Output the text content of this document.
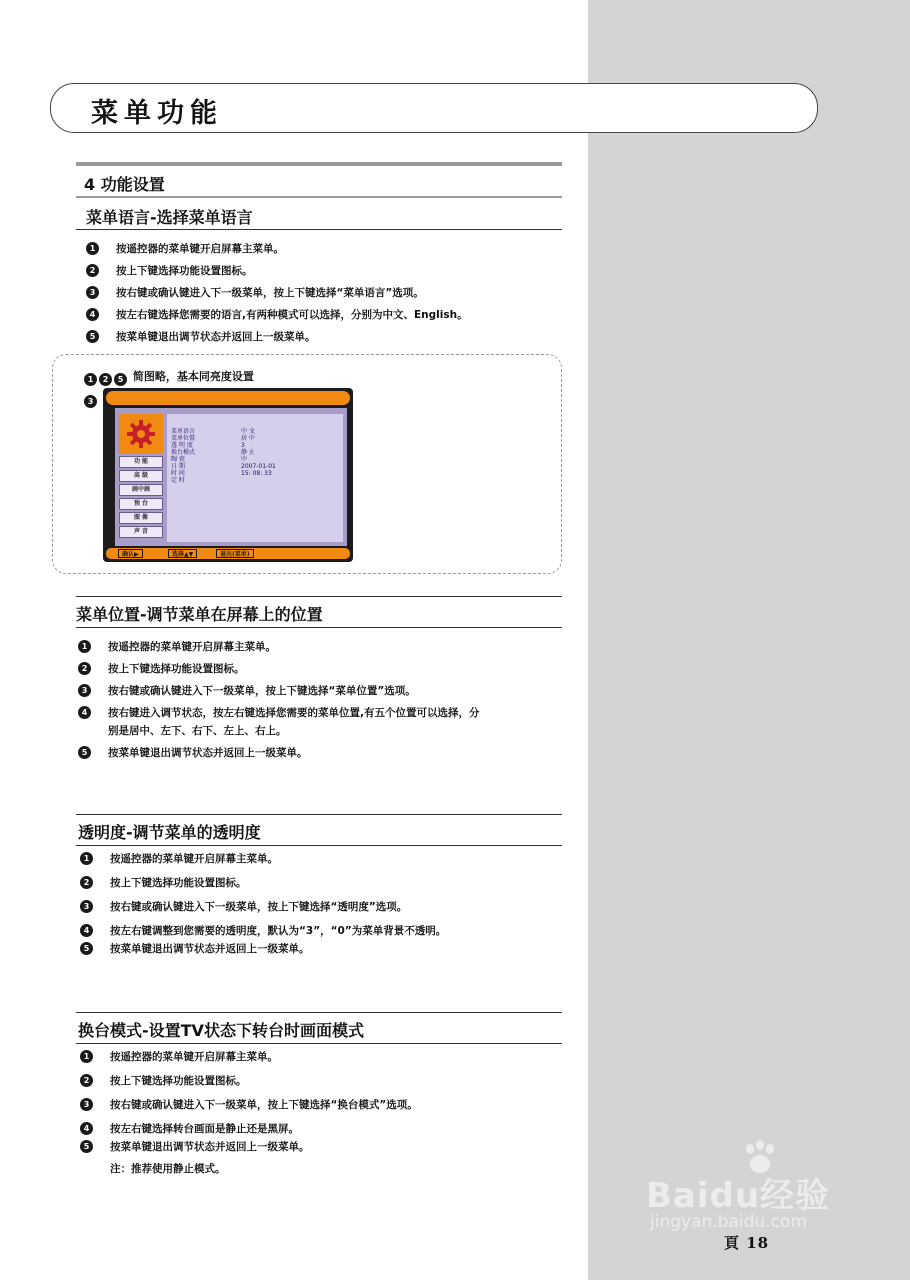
菜单功能
4 功能设置
菜单语言-选择菜单语言
1	按遥控器的菜单键开启屏幕主菜单。
2	按上下键选择功能设置图标。
3	按右键或确认键进入下一级菜单，按上下键选择“菜单语言”选项。
4	按左右键选择您需要的语言,有两种模式可以选择，分别为中文、English。
5	按菜单键退出调节状态并返回上一级菜单。
1 2 5 简图略，基本同亮度设置
3
功 能
高 级
画中画
预 台
图 像
声 音
菜单语言	中 文
菜单位置	居 中
透 明 度	3
换台模式	静 止
陶 瓷	中
日 期	2007-01-01
时 间	15: 08: 33
定 时
确认▶	选择▲▼	退出(菜单)
菜单位置-调节菜单在屏幕上的位置
1	按遥控器的菜单键开启屏幕主菜单。
2	按上下键选择功能设置图标。
3	按右键或确认键进入下一级菜单，按上下键选择“菜单位置”选项。
4	按右键进入调节状态，按左右键选择您需要的菜单位置,有五个位置可以选择，分
别是居中、左下、右下、左上、右上。
5	按菜单键退出调节状态并返回上一级菜单。
透明度-调节菜单的透明度
1	按遥控器的菜单键开启屏幕主菜单。
2	按上下键选择功能设置图标。
3	按右键或确认键进入下一级菜单，按上下键选择“透明度”选项。
4	按左右键调整到您需要的透明度，默认为“3”，“0”为菜单背景不透明。
5	按菜单键退出调节状态并返回上一级菜单。
换台模式-设置TV状态下转台时画面模式
1	按遥控器的菜单键开启屏幕主菜单。
2	按上下键选择功能设置图标。
3	按右键或确认键进入下一级菜单，按上下键选择“换台模式”选项。
4	按左右键选择转台画面是静止还是黑屏。
5	按菜单键退出调节状态并返回上一级菜单。
注：推荐使用静止模式。
Baidu经验
jingyan.baidu.com
頁 18
